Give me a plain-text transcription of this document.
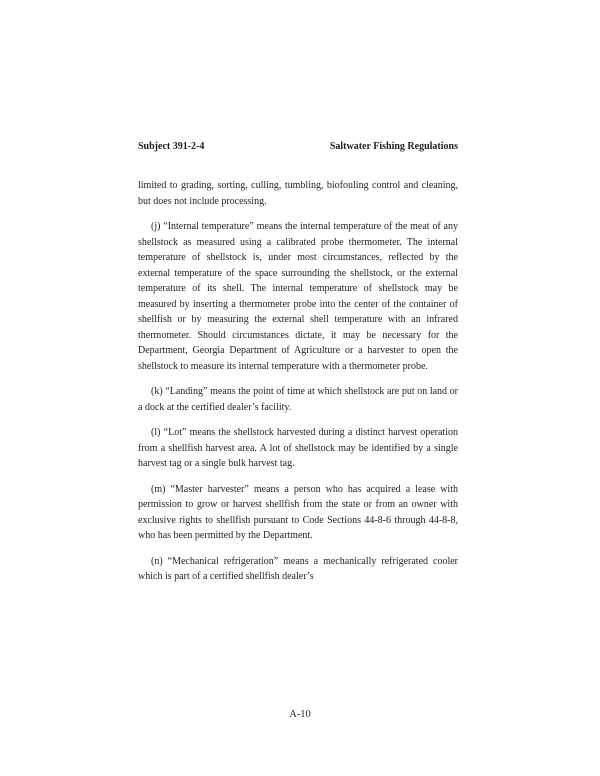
Subject 391-2-4	Saltwater Fishing Regulations

limited to grading, sorting, culling, tumbling, biofouling control and cleaning, but does not include processing.

(j) “Internal temperature” means the internal temperature of the meat of any shellstock as measured using a calibrated probe thermometer. The internal temperature of shellstock is, under most circumstances, reflected by the external temperature of the space surrounding the shellstock, or the external temperature of its shell. The internal temperature of shellstock may be measured by inserting a thermometer probe into the center of the container of shellfish or by measuring the external shell temperature with an infrared thermometer. Should circumstances dictate, it may be necessary for the Department, Georgia Department of Agriculture or a harvester to open the shellstock to measure its internal temperature with a thermometer probe.

(k) “Landing” means the point of time at which shellstock are put on land or a dock at the certified dealer’s facility.

(l) “Lot” means the shellstock harvested during a distinct harvest operation from a shellfish harvest area. A lot of shellstock may be identified by a single harvest tag or a single bulk harvest tag.

(m) “Master harvester” means a person who has acquired a lease with permission to grow or harvest shellfish from the state or from an owner with exclusive rights to shellfish pursuant to Code Sections 44-8-6 through 44-8-8, who has been permitted by the Department.

(n) “Mechanical refrigeration” means a mechanically refrigerated cooler which is part of a certified shellfish dealer’s

A-10
